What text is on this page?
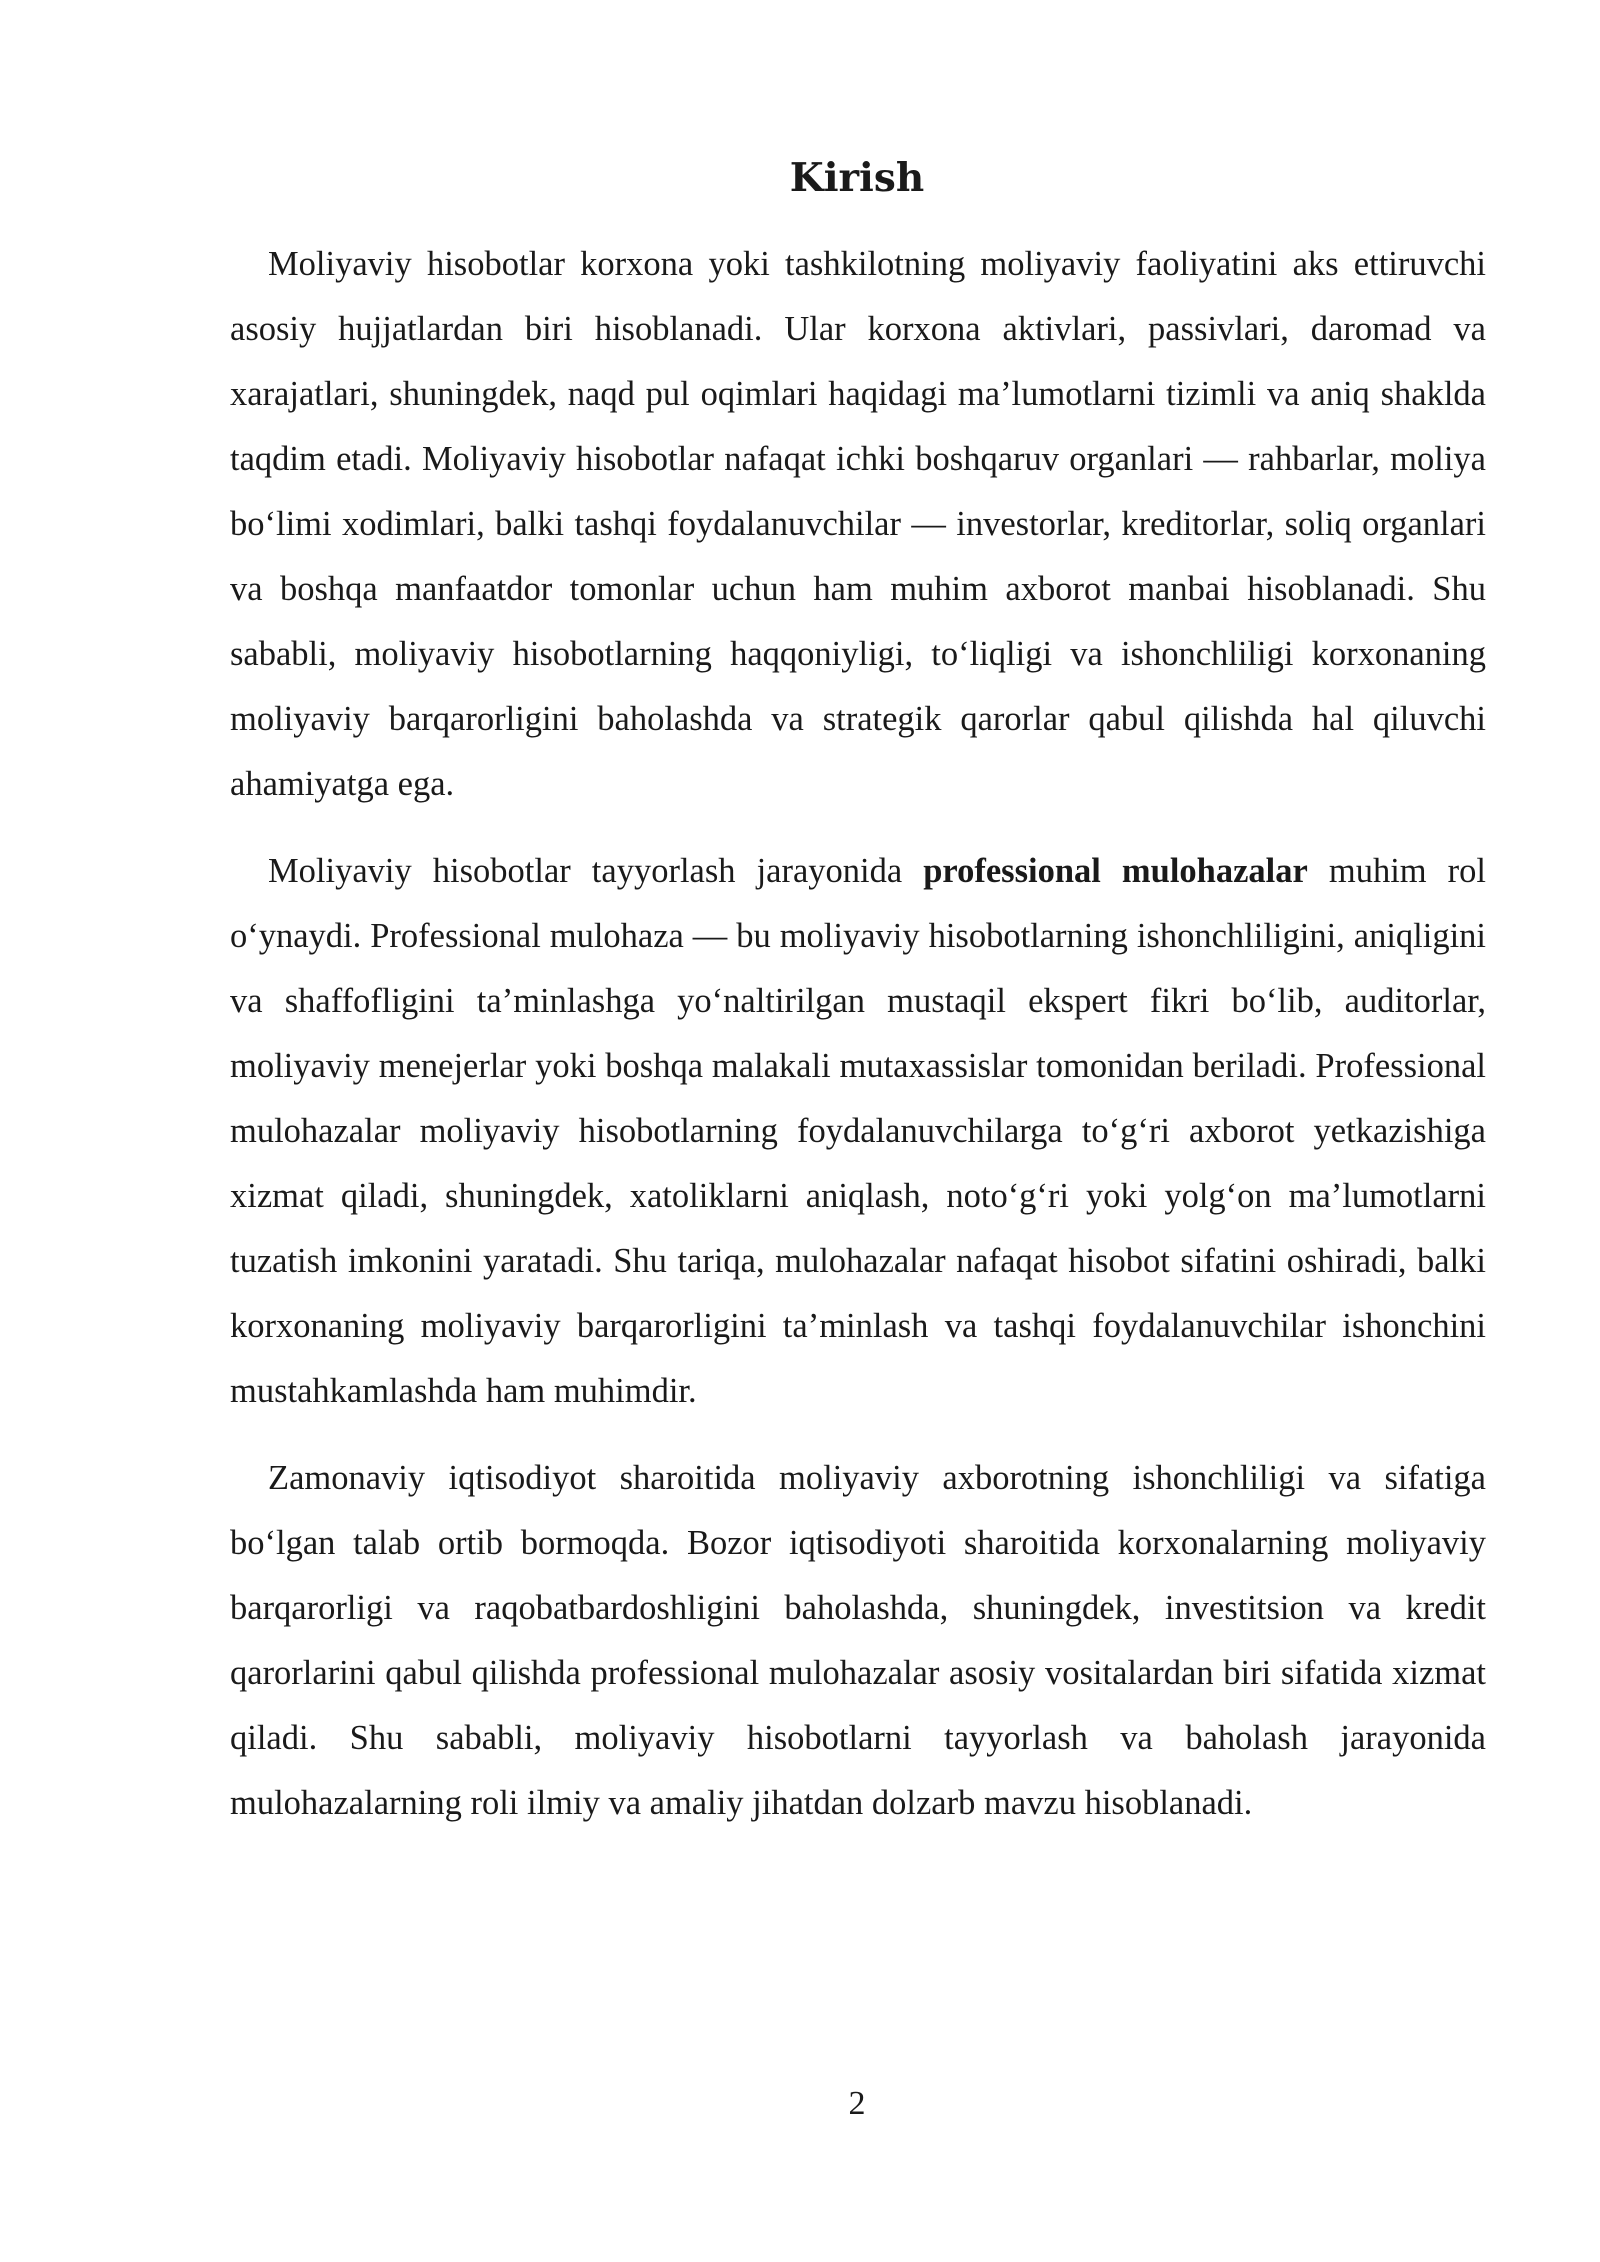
Kirish

Moliyaviy hisobotlar korxona yoki tashkilotning moliyaviy faoliyatini aks ettiruvchi asosiy hujjatlardan biri hisoblanadi. Ular korxona aktivlari, passivlari, daromad va xarajatlari, shuningdek, naqd pul oqimlari haqidagi ma’lumotlarni tizimli va aniq shaklda taqdim etadi. Moliyaviy hisobotlar nafaqat ichki boshqaruv organlari — rahbarlar, moliya bo‘limi xodimlari, balki tashqi foydalanuvchilar — investorlar, kreditorlar, soliq organlari va boshqa manfaatdor tomonlar uchun ham muhim axborot manbai hisoblanadi. Shu sababli, moliyaviy hisobotlarning haqqoniyligi, to‘liqligi va ishonchliligi korxonaning moliyaviy barqarorligini baholashda va strategik qarorlar qabul qilishda hal qiluvchi ahamiyatga ega.

Moliyaviy hisobotlar tayyorlash jarayonida professional mulohazalar muhim rol o‘ynaydi. Professional mulohaza — bu moliyaviy hisobotlarning ishonchliligini, aniqligini va shaffofligini ta’minlashga yo‘naltirilgan mustaqil ekspert fikri bo‘lib, auditorlar, moliyaviy menejerlar yoki boshqa malakali mutaxassislar tomonidan beriladi. Professional mulohazalar moliyaviy hisobotlarning foydalanuvchilarga to‘g‘ri axborot yetkazishiga xizmat qiladi, shuningdek, xatoliklarni aniqlash, noto‘g‘ri yoki yolg‘on ma’lumotlarni tuzatish imkonini yaratadi. Shu tariqa, mulohazalar nafaqat hisobot sifatini oshiradi, balki korxonaning moliyaviy barqarorligini ta’minlash va tashqi foydalanuvchilar ishonchini mustahkamlashda ham muhimdir.

Zamonaviy iqtisodiyot sharoitida moliyaviy axborotning ishonchliligi va sifatiga bo‘lgan talab ortib bormoqda. Bozor iqtisodiyoti sharoitida korxonalarning moliyaviy barqarorligi va raqobatbardoshligini baholashda, shuningdek, investitsion va kredit qarorlarini qabul qilishda professional mulohazalar asosiy vositalardan biri sifatida xizmat qiladi. Shu sababli, moliyaviy hisobotlarni tayyorlash va baholash jarayonida mulohazalarning roli ilmiy va amaliy jihatdan dolzarb mavzu hisoblanadi.

2
